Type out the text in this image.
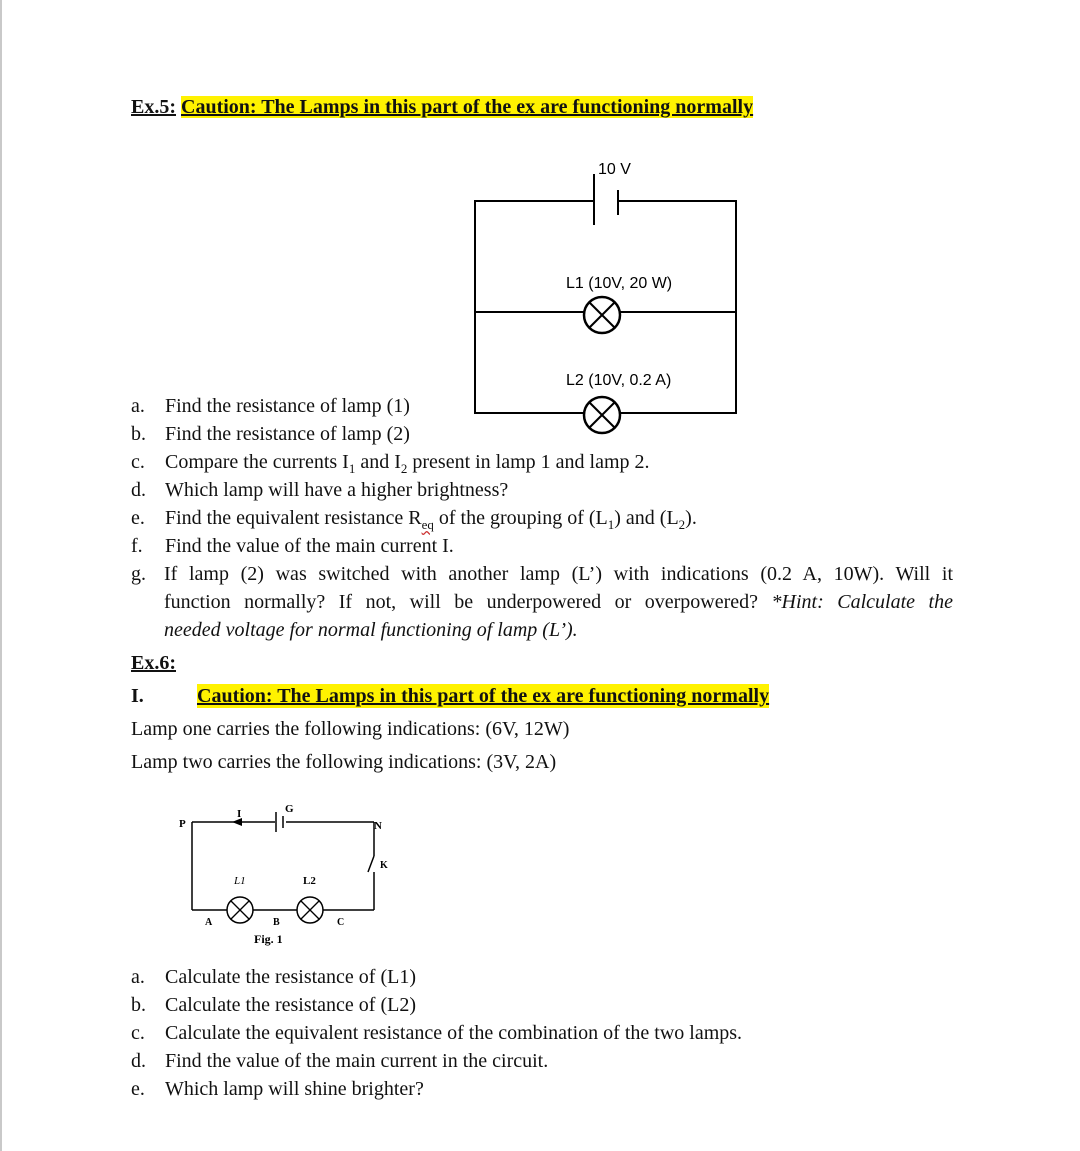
Ex.5: Caution: The Lamps in this part of the ex are functioning normally
10 V
L1 (10V, 20 W)
L2 (10V, 0.2 A)
a. Find the resistance of lamp (1)
b. Find the resistance of lamp (2)
c. Compare the currents $I_1$ and $I_2$ present in lamp 1 and lamp 2.
d. Which lamp will have a higher brightness?
e. Find the equivalent resistance $R_{eq}$ of the grouping of $(L_1)$ and $(L_2)$.
f. Find the value of the main current I.
g. If lamp (2) was switched with another lamp (L’) with indications (0.2 A, 10W). Will it
function normally? If not, will be underpowered or overpowered? *Hint: Calculate the
needed voltage for normal functioning of lamp (L’).
Ex.6:
I.	Caution: The Lamps in this part of the ex are functioning normally
Lamp one carries the following indications: (6V, 12W)
Lamp two carries the following indications: (3V, 2A)
P
I	G
N
K
L1	L2
A	B	C
Fig. 1
a. Calculate the resistance of (L1)
b. Calculate the resistance of (L2)
c. Calculate the equivalent resistance of the combination of the two lamps.
d. Find the value of the main current in the circuit.
e. Which lamp will shine brighter?
